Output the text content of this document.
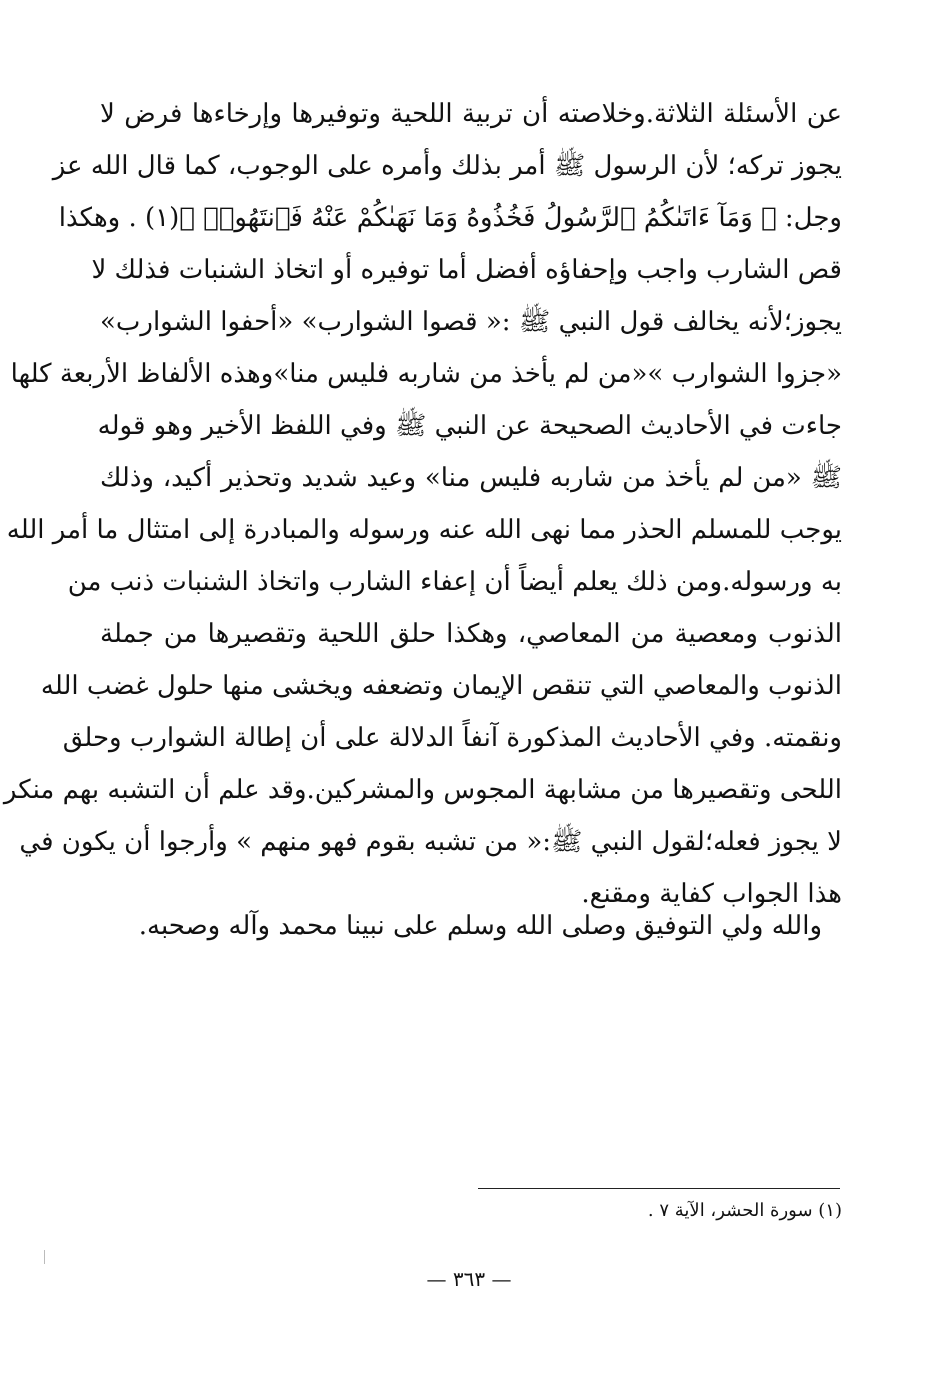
عن الأسئلة الثلاثة.وخلاصته أن تربية اللحية وتوفيرها وإرخاءها فرض لا
يجوز تركه؛ لأن الرسول ﷺ أمر بذلك وأمره على الوجوب، كما قال الله عز
وجل: ﴿ وَمَآ ءَاتَىٰكُمُ ٱلرَّسُولُ فَخُذُوهُ وَمَا نَهَىٰكُمْ عَنْهُ فَٱنتَهُوا۟ ﴾(١) . وهكذا
قص الشارب واجب وإحفاؤه أفضل أما توفيره أو اتخاذ الشنبات فذلك لا
يجوز؛لأنه يخالف قول النبي ﷺ :« قصوا الشوارب» «أحفوا الشوارب»
«جزوا الشوارب »«من لم يأخذ من شاربه فليس منا»وهذه الألفاظ الأربعة كلها
جاءت في الأحاديث الصحيحة عن النبي ﷺ وفي اللفظ الأخير وهو قوله
ﷺ «من لم يأخذ من شاربه فليس منا» وعيد شديد وتحذير أكيد، وذلك
يوجب للمسلم الحذر مما نهى الله عنه ورسوله والمبادرة إلى امتثال ما أمر الله
به ورسوله.ومن ذلك يعلم أيضاً أن إعفاء الشارب واتخاذ الشنبات ذنب من
الذنوب ومعصية من المعاصي، وهكذا حلق اللحية وتقصيرها من جملة
الذنوب والمعاصي التي تنقص الإيمان وتضعفه ويخشى منها حلول غضب الله
ونقمته. وفي الأحاديث المذكورة آنفاً الدلالة على أن إطالة الشوارب وحلق
اللحى وتقصيرها من مشابهة المجوس والمشركين.وقد علم أن التشبه بهم منكر
لا يجوز فعله؛لقول النبي ﷺ:« من تشبه بقوم فهو منهم » وأرجوا أن يكون في
هذا الجواب كفاية ومقنع.
والله ولي التوفيق وصلى الله وسلم على نبينا محمد وآله وصحبه.
(١) سورة الحشر، الآية ٧ .
— ٣٦٣ —
